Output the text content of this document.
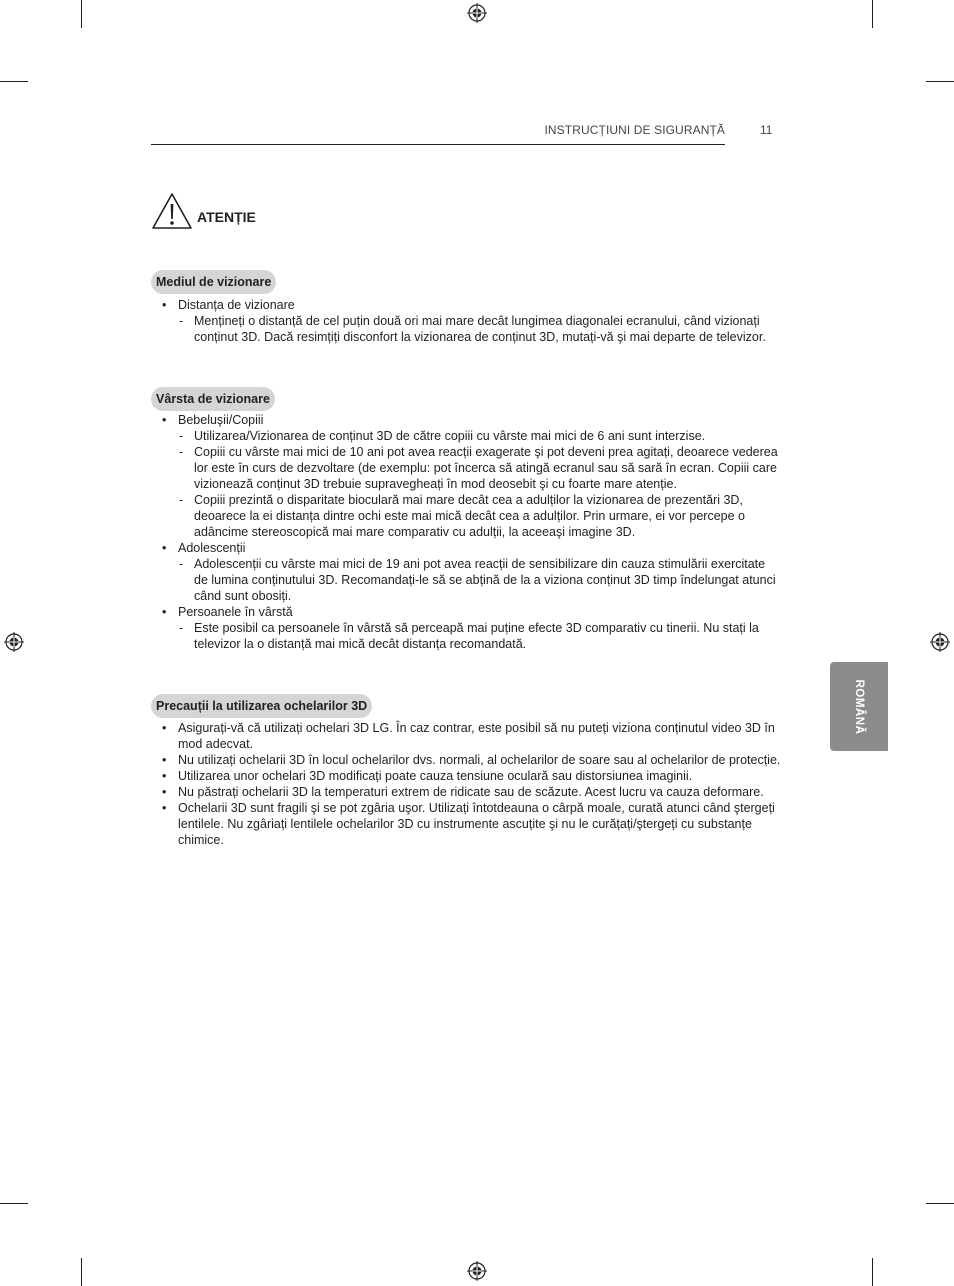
INSTRUCȚIUNI DE SIGURANȚĂ	11
ATENȚIE
Mediul de vizionare
• Distanța de vizionare
- Mențineți o distanță de cel puțin două ori mai mare decât lungimea diagonalei ecranului, când vizionați conținut 3D. Dacă resimțiți disconfort la vizionarea de conținut 3D, mutați-vă şi mai departe de televizor.
Vârsta de vizionare
• Bebeluşii/Copiii
- Utilizarea/Vizionarea de conținut 3D de către copiii cu vârste mai mici de 6 ani sunt interzise.
- Copiii cu vârste mai mici de 10 ani pot avea reacții exagerate şi pot deveni prea agitați, deoarece vederea lor este în curs de dezvoltare (de exemplu: pot încerca să atingă ecranul sau să sară în ecran. Copiii care vizionează conținut 3D trebuie supravegheați în mod deosebit şi cu foarte mare atenție.
- Copiii prezintă o disparitate bioculară mai mare decât cea a adulților la vizionarea de prezentări 3D, deoarece la ei distanța dintre ochi este mai mică decât cea a adulților. Prin urmare, ei vor percepe o adâncime stereoscopică mai mare comparativ cu adulții, la aceeaşi imagine 3D.
• Adolescenții
- Adolescenții cu vârste mai mici de 19 ani pot avea reacții de sensibilizare din cauza stimulării exercitate de lumina conținutului 3D. Recomandați-le să se abțină de la a viziona conținut 3D timp îndelungat atunci când sunt obosiți.
• Persoanele în vârstă
- Este posibil ca persoanele în vârstă să perceapă mai puține efecte 3D comparativ cu tinerii. Nu stați la televizor la o distanță mai mică decât distanța recomandată.
Precauții la utilizarea ochelarilor 3D
• Asigurați-vă că utilizați ochelari 3D LG. În caz contrar, este posibil să nu puteți viziona conținutul video 3D în mod adecvat.
• Nu utilizați ochelarii 3D în locul ochelarilor dvs. normali, al ochelarilor de soare sau al ochelarilor de protecție.
• Utilizarea unor ochelari 3D modificați poate cauza tensiune oculară sau distorsiunea imaginii.
• Nu păstrați ochelarii 3D la temperaturi extrem de ridicate sau de scăzute. Acest lucru va cauza deformare.
• Ochelarii 3D sunt fragili şi se pot zgâria uşor. Utilizați întotdeauna o cârpă moale, curată atunci când ştergeți lentilele. Nu zgâriați lentilele ochelarilor 3D cu instrumente ascuțite şi nu le curățați/ştergeți cu substanțe chimice.
ROMÂNĂ
